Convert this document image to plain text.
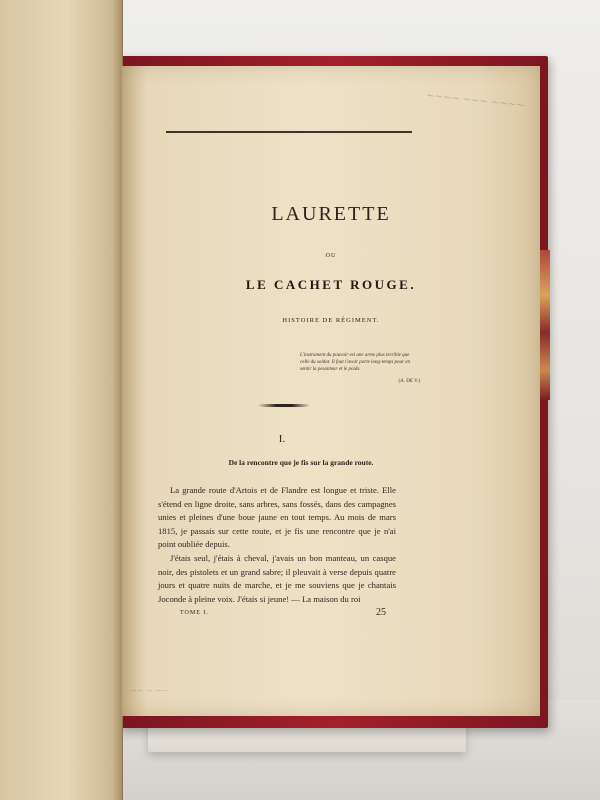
~~~~ ~~~ ~~~~
LAURETTE
OU
LE CACHET ROUGE.
HISTOIRE DE RÉGIMENT.
L'instrument du pouvoir est une arme plus terrible que celle du soldat. Il faut l'avoir porte long-temps pour en sentir la pesanteur et le poids.
(A. DE V.)
I.
De la rencontre que je fis sur la grande route.

La grande route d'Artois et de Flandre est longue et triste. Elle s'étend en ligne droite, sans arbres, sans fossés, dans des campagnes unies et pleines d'une boue jaune en tout temps. Au mois de mars 1815, je passais sur cette route, et je fis une rencontre que je n'ai point oubliée depuis.

J'étais seul, j'étais à cheval, j'avais un bon manteau, un casque noir, des pistolets et un grand sabre; il pleuvait à verse depuis quatre jours et quatre nuits de marche, et je me souviens que je chantais Joconde à pleine voix. J'étais si jeune! — La maison du roi

TOME I.	25
~~ ~ ~~
